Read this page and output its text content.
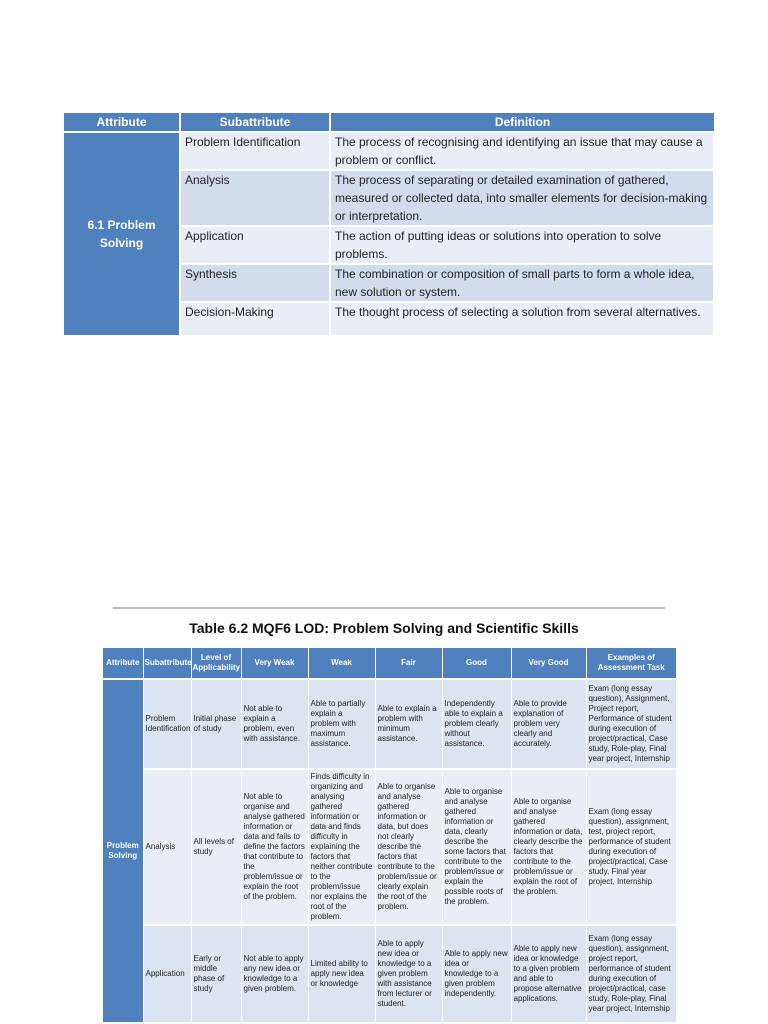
Attribute	Subattribute	Definition
6.1 Problem Solving	Problem Identification	The process of recognising and identifying an issue that may cause a problem or conflict.
	Analysis	The process of separating or detailed examination of gathered, measured or collected data, into smaller elements for decision-making or interpretation.
	Application	The action of putting ideas or solutions into operation to solve problems.
	Synthesis	The combination or composition of small parts to form a whole idea, new solution or system.
	Decision-Making	The thought process of selecting a solution from several alternatives.
Table 6.2 MQF6 LOD: Problem Solving and Scientific Skills
Attribute	Subattribute	Level of Applicability	Very Weak	Weak	Fair	Good	Very Good	Examples of Assessment Task
Problem Solving	Problem Identification	Initial phase of study	Not able to explain a problem, even with assistance.	Able to partially explain a problem with maximum assistance.	Able to explain a problem with minimum assistance.	Independently able to explain a problem clearly without assistance.	Able to provide explanation of problem very clearly and accurately.	Exam (long essay question), Assignment, Project report, Performance of student during execution of project/practical, Case study, Role-play, Final year project, Internship
	Analysis	All levels of study	Not able to organise and analyse gathered information or data and fails to define the factors that contribute to the problem/issue or explain the root of the problem.	Finds difficulty in organizing and analysing gathered information or data and finds difficulty in explaining the factors that neither contribute to the problem/issue nor explains the root of the problem.	Able to organise and analyse gathered information or data, but does not clearly describe the factors that contribute to the problem/issue or clearly explain the root of the problem.	Able to organise and analyse gathered information or data, clearly describe the some factors that contribute to the problem/issue or explain the possible roots of the problem.	Able to organise and analyse gathered information or data, clearly describe the factors that contribute to the problem/issue or explain the root of the problem.	Exam (long essay question), assignment, test, project report, performance of student during execution of project/practical, Case study, Final year project, Internship
	Application	Early or middle phase of study	Not able to apply any new idea or knowledge to a given problem.	Limited ability to apply new idea or knowledge	Able to apply new idea or knowledge to a given problem with assistance from lecturer or student.	Able to apply new idea or knowledge to a given problem independently.	Able to apply new idea or knowledge to a given problem and able to propose alternative applications.	Exam (long essay question), assignment, project report, performance of student during execution of project/practical, case study, Role-play, Final year project, Internship
